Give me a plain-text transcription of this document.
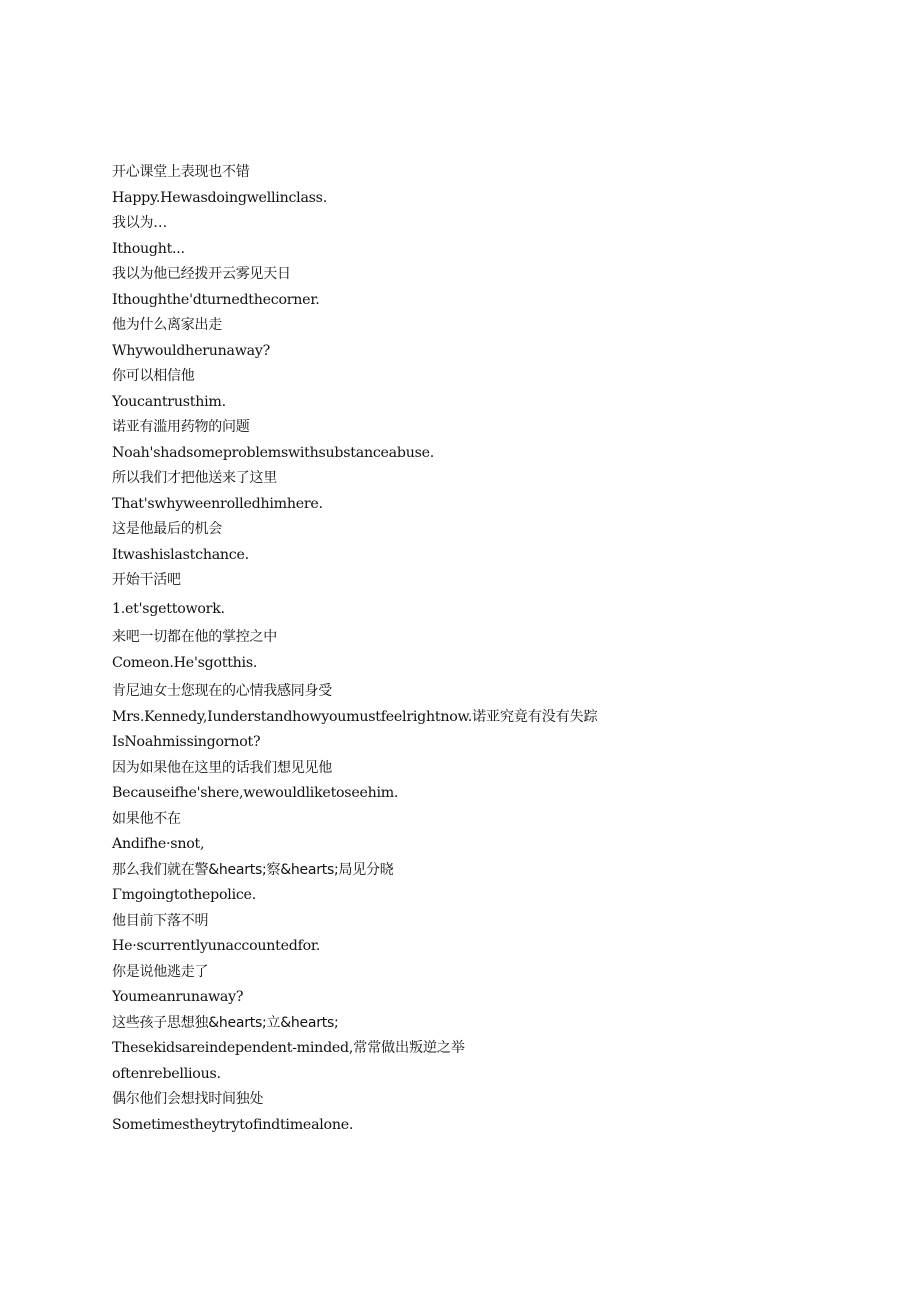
开心课堂上表现也不错
Happy.Hewasdoingwellinclass.
我以为…
Ithought...
我以为他已经拨开云雾见天日
Ithoughthe'dturnedthecorner.
他为什么离家出走
Whywouldherunaway?
你可以相信他
Youcantrusthim.
诺亚有滥用药物的问题
Noah'shadsomeproblemswithsubstanceabuse.
所以我们才把他送来了这里
That'swhyweenrolledhimhere.
这是他最后的机会
Itwashislastchance.
开始干活吧
1.et'sgettowork.
来吧一切都在他的掌控之中
Comeon.He'sgotthis.
肯尼迪女士您现在的心情我感同身受
Mrs.Kennedy,Iunderstandhowyoumustfeelrightnow.诺亚究竟有没有失踪
IsNoahmissingornot?
因为如果他在这里的话我们想见见他
Becauseifhe'shere,wewouldliketoseehim.
如果他不在
Andifhe·snot,
那么我们就在警&hearts;察&hearts;局见分晓
Γmgoingtothepolice.
他目前下落不明
He·scurrentlyunaccountedfor.
你是说他逃走了
Youmeanrunaway?
这些孩子思想独&hearts;立&hearts;
Thesekidsareindependent-minded,常常做出叛逆之举
oftenrebellious.
偶尔他们会想找时间独处
Sometimestheytrytofindtimealone.
